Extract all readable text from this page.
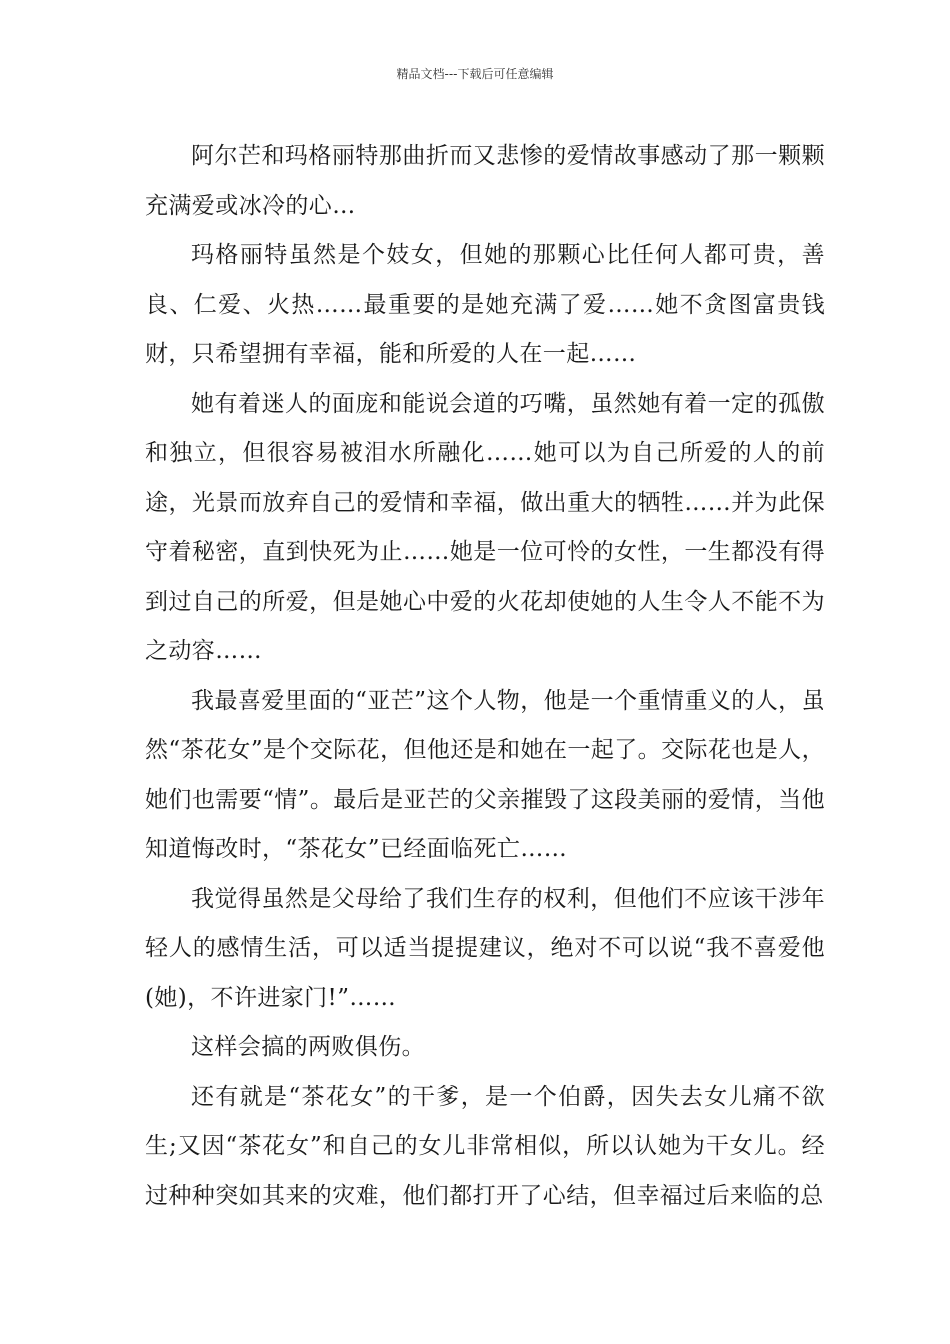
精品文档---下载后可任意编辑

阿尔芒和玛格丽特那曲折而又悲惨的爱情故事感动了那一颗颗充满爱或冰冷的心…

玛格丽特虽然是个妓女，但她的那颗心比任何人都可贵，善良、仁爱、火热……最重要的是她充满了爱……她不贪图富贵钱财，只希望拥有幸福，能和所爱的人在一起……

她有着迷人的面庞和能说会道的巧嘴，虽然她有着一定的孤傲和独立，但很容易被泪水所融化……她可以为自己所爱的人的前途，光景而放弃自己的爱情和幸福，做出重大的牺牲……并为此保守着秘密，直到快死为止……她是一位可怜的女性，一生都没有得到过自己的所爱，但是她心中爱的火花却使她的人生令人不能不为之动容……

我最喜爱里面的“亚芒”这个人物，他是一个重情重义的人，虽然“茶花女”是个交际花，但他还是和她在一起了。交际花也是人，她们也需要“情”。最后是亚芒的父亲摧毁了这段美丽的爱情，当他知道悔改时，“茶花女”已经面临死亡……

我觉得虽然是父母给了我们生存的权利，但他们不应该干涉年轻人的感情生活，可以适当提提建议，绝对不可以说“我不喜爱他(她)，不许进家门!”……

这样会搞的两败俱伤。

还有就是“茶花女”的干爹，是一个伯爵，因失去女儿痛不欲生;又因“茶花女”和自己的女儿非常相似，所以认她为干女儿。经过种种突如其来的灾难，他们都打开了心结，但幸福过后来临的总
